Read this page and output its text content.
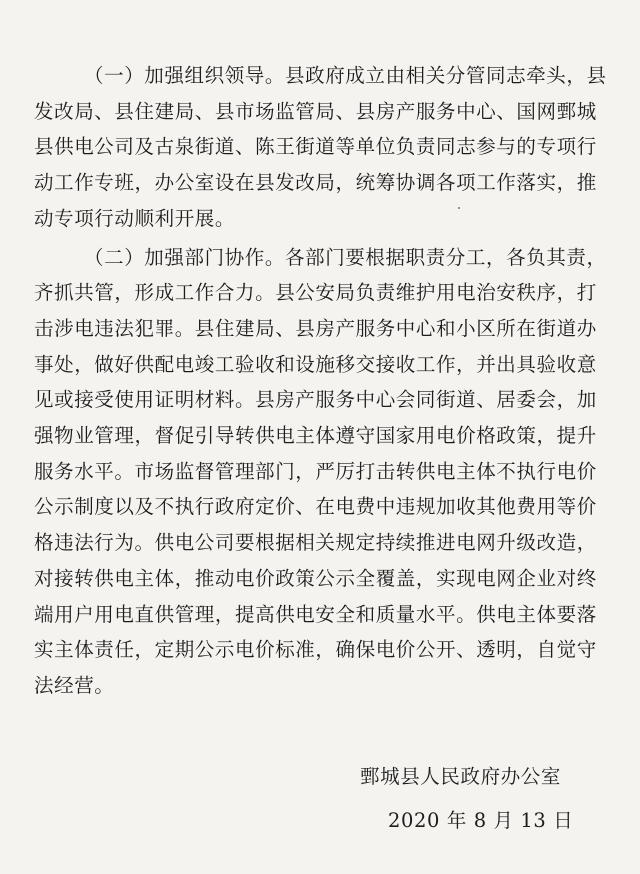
（一）加强组织领导。县政府成立由相关分管同志牵头，县
发改局、县住建局、县市场监管局、县房产服务中心、国网鄄城
县供电公司及古泉街道、陈王街道等单位负责同志参与的专项行
动工作专班，办公室设在县发改局，统筹协调各项工作落实，推
动专项行动顺利开展。

（二）加强部门协作。各部门要根据职责分工，各负其责，
齐抓共管，形成工作合力。县公安局负责维护用电治安秩序，打
击涉电违法犯罪。县住建局、县房产服务中心和小区所在街道办
事处，做好供配电竣工验收和设施移交接收工作，并出具验收意
见或接受使用证明材料。县房产服务中心会同街道、居委会，加
强物业管理，督促引导转供电主体遵守国家用电价格政策，提升
服务水平。市场监督管理部门，严厉打击转供电主体不执行电价
公示制度以及不执行政府定价、在电费中违规加收其他费用等价
格违法行为。供电公司要根据相关规定持续推进电网升级改造，
对接转供电主体，推动电价政策公示全覆盖，实现电网企业对终
端用户用电直供管理，提高供电安全和质量水平。供电主体要落
实主体责任，定期公示电价标准，确保电价公开、透明，自觉守
法经营。

鄄城县人民政府办公室
2020 年 8 月 13 日
